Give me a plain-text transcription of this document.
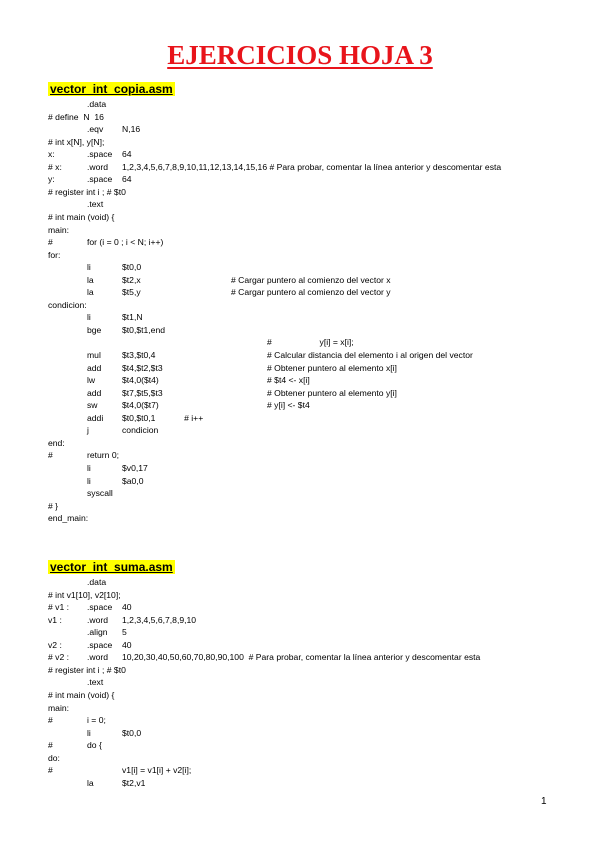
EJERCICIOS HOJA 3
vector_int_copia.asm
.data
# define  N  16
.eqv N,16
# int x[N], y[N];
x:	.space 64
# x:	.word 1,2,3,4,5,6,7,8,9,10,11,12,13,14,15,16 # Para probar, comentar la línea anterior y descomentar esta
y:	.space 64
# register int i ; # $t0
.text
# int main (void) {
main:
#	for (i = 0 ; i < N; i++)
for:
li	$t0,0
la	$t2,x	# Cargar puntero al comienzo del vector x
la	$t5,y	# Cargar puntero al comienzo del vector y
condicion:
li	$t1,N
bge $t0,$t1,end
#                    y[i] = x[i];
mul $t3,$t0,4	# Calcular distancia del elemento i al origen del vector
add $t4,$t2,$t3	# Obtener puntero al elemento x[i]
lw	$t4,0($t4)	# $t4 <- x[i]
add $t7,$t5,$t3	# Obtener puntero al elemento y[i]
sw	$t4,0($t7)	# y[i] <- $t4
addi $t0,$t0,1            # i++
j	condicion
end:
#	return 0;
li	$v0,17
li	$a0,0
syscall
# }
end_main:
vector_int_suma.asm
.data
# int v1[10], v2[10];
# v1 : .space 40
v1 :	.word 1,2,3,4,5,6,7,8,9,10
.align 5
v2 :	.space 40
# v2 : .word 10,20,30,40,50,60,70,80,90,100  # Para probar, comentar la línea anterior y descomentar esta
# register int i ; # $t0
.text
# int main (void) {
main:
#	i = 0;
li	$t0,0
#	do {
do:
#	v1[i] = v1[i] + v2[i];
la	$t2,v1
1
